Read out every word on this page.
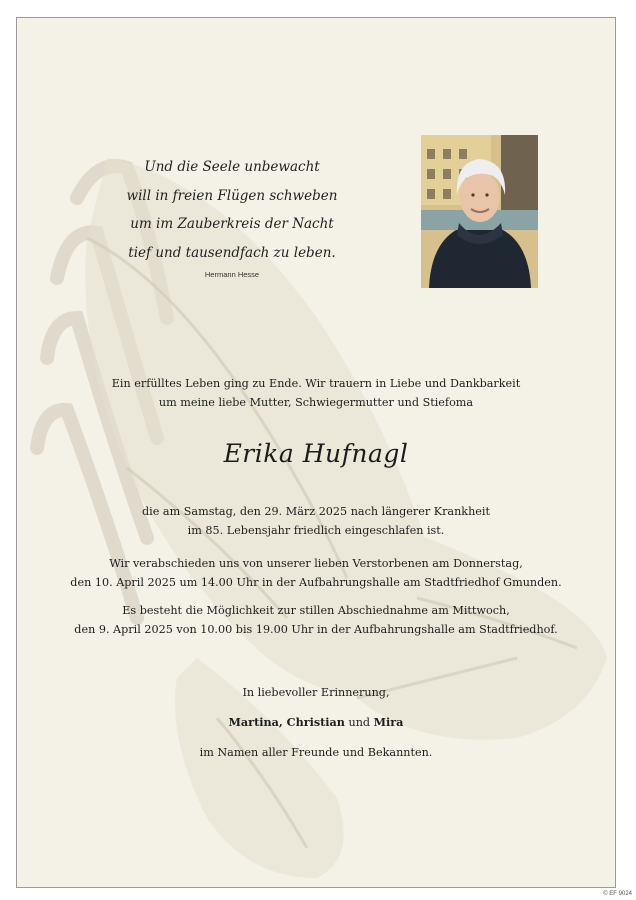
Und die Seele unbewacht
will in freien Flügen schweben
um im Zauberkreis der Nacht
tief und tausendfach zu leben.
Hermann Hesse
Ein erfülltes Leben ging zu Ende. Wir trauern in Liebe und Dankbarkeit
um meine liebe Mutter, Schwiegermutter und Stiefoma
Erika Hufnagl
die am Samstag, den 29. März 2025 nach längerer Krankheit
im 85. Lebensjahr friedlich eingeschlafen ist.
Wir verabschieden uns von unserer lieben Verstorbenen am Donnerstag,
den 10. April 2025 um 14.00 Uhr in der Aufbahrungshalle am Stadtfriedhof Gmunden.
Es besteht die Möglichkeit zur stillen Abschiednahme am Mittwoch,
den 9. April 2025 von 10.00 bis 19.00 Uhr in der Aufbahrungshalle am Stadtfriedhof.
In liebevoller Erinnerung,
Martina, Christian und Mira
im Namen aller Freunde und Bekannten.
© EF 9024
